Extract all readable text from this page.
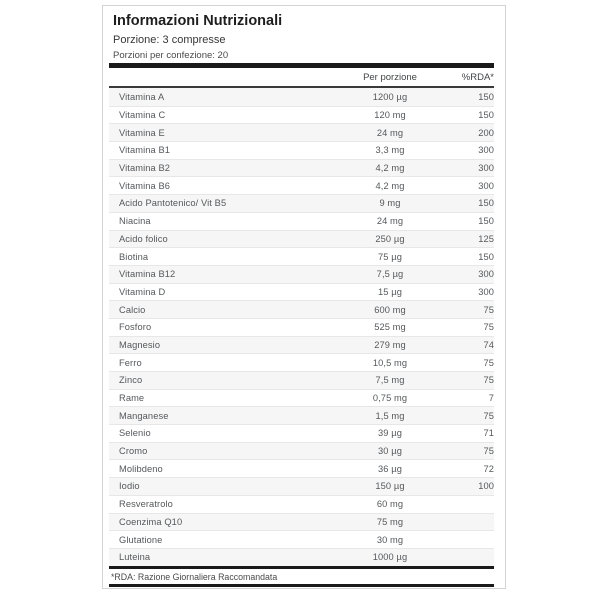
Informazioni Nutrizionali
Porzione: 3 compresse
Porzioni per confezione: 20
Per porzione	%RDA*
Vitamina A	1200 µg	150
Vitamina C	120 mg	150
Vitamina E	24 mg	200
Vitamina B1	3,3 mg	300
Vitamina B2	4,2 mg	300
Vitamina B6	4,2 mg	300
Acido Pantotenico/ Vit B5	9 mg	150
Niacina	24 mg	150
Acido folico	250 µg	125
Biotina	75 µg	150
Vitamina B12	7,5 µg	300
Vitamina D	15 µg	300
Calcio	600 mg	75
Fosforo	525 mg	75
Magnesio	279 mg	74
Ferro	10,5 mg	75
Zinco	7,5 mg	75
Rame	0,75 mg	7
Manganese	1,5 mg	75
Selenio	39 µg	71
Cromo	30 µg	75
Molibdeno	36 µg	72
Iodio	150 µg	100
Resveratrolo	60 mg
Coenzima Q10	75 mg
Glutatione	30 mg
Luteina	1000 µg
*RDA: Razione Giornaliera Raccomandata
